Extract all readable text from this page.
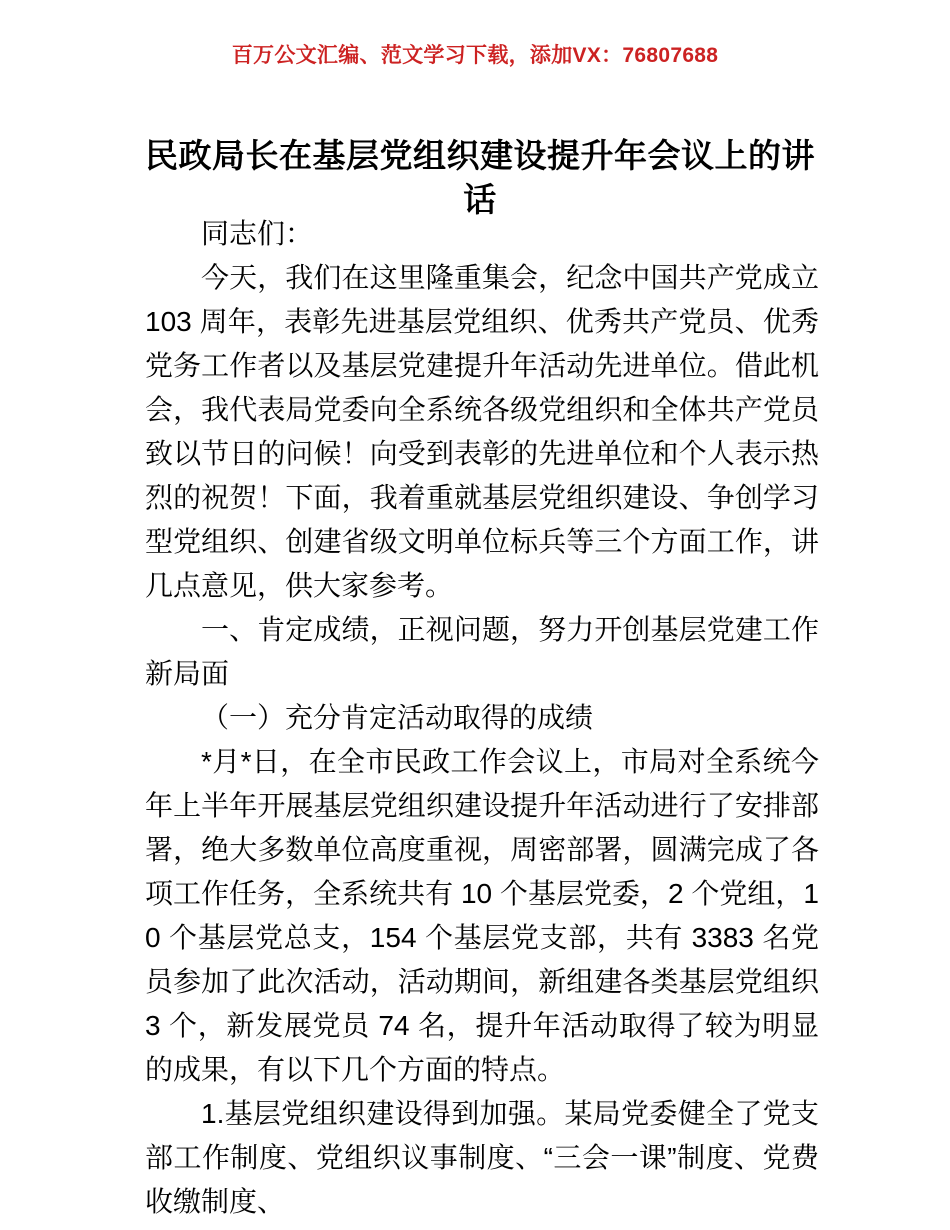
百万公文汇编、范文学习下载，添加VX：76807688
民政局长在基层党组织建设提升年会议上的讲话

同志们：

今天，我们在这里隆重集会，纪念中国共产党成立 103 周年，表彰先进基层党组织、优秀共产党员、优秀党务工作者以及基层党建提升年活动先进单位。借此机会，我代表局党委向全系统各级党组织和全体共产党员致以节日的问候！向受到表彰的先进单位和个人表示热烈的祝贺！下面，我着重就基层党组织建设、争创学习型党组织、创建省级文明单位标兵等三个方面工作，讲几点意见，供大家参考。

一、肯定成绩，正视问题，努力开创基层党建工作新局面

（一）充分肯定活动取得的成绩

*月*日，在全市民政工作会议上，市局对全系统今年上半年开展基层党组织建设提升年活动进行了安排部署，绝大多数单位高度重视，周密部署，圆满完成了各项工作任务，全系统共有 10 个基层党委，2 个党组，10 个基层党总支，154 个基层党支部，共有 3383 名党员参加了此次活动，活动期间，新组建各类基层党组织 3 个，新发展党员 74 名，提升年活动取得了较为明显的成果，有以下几个方面的特点。

1.基层党组织建设得到加强。某局党委健全了党支部工作制度、党组织议事制度、“三会一课”制度、党费收缴制度、
